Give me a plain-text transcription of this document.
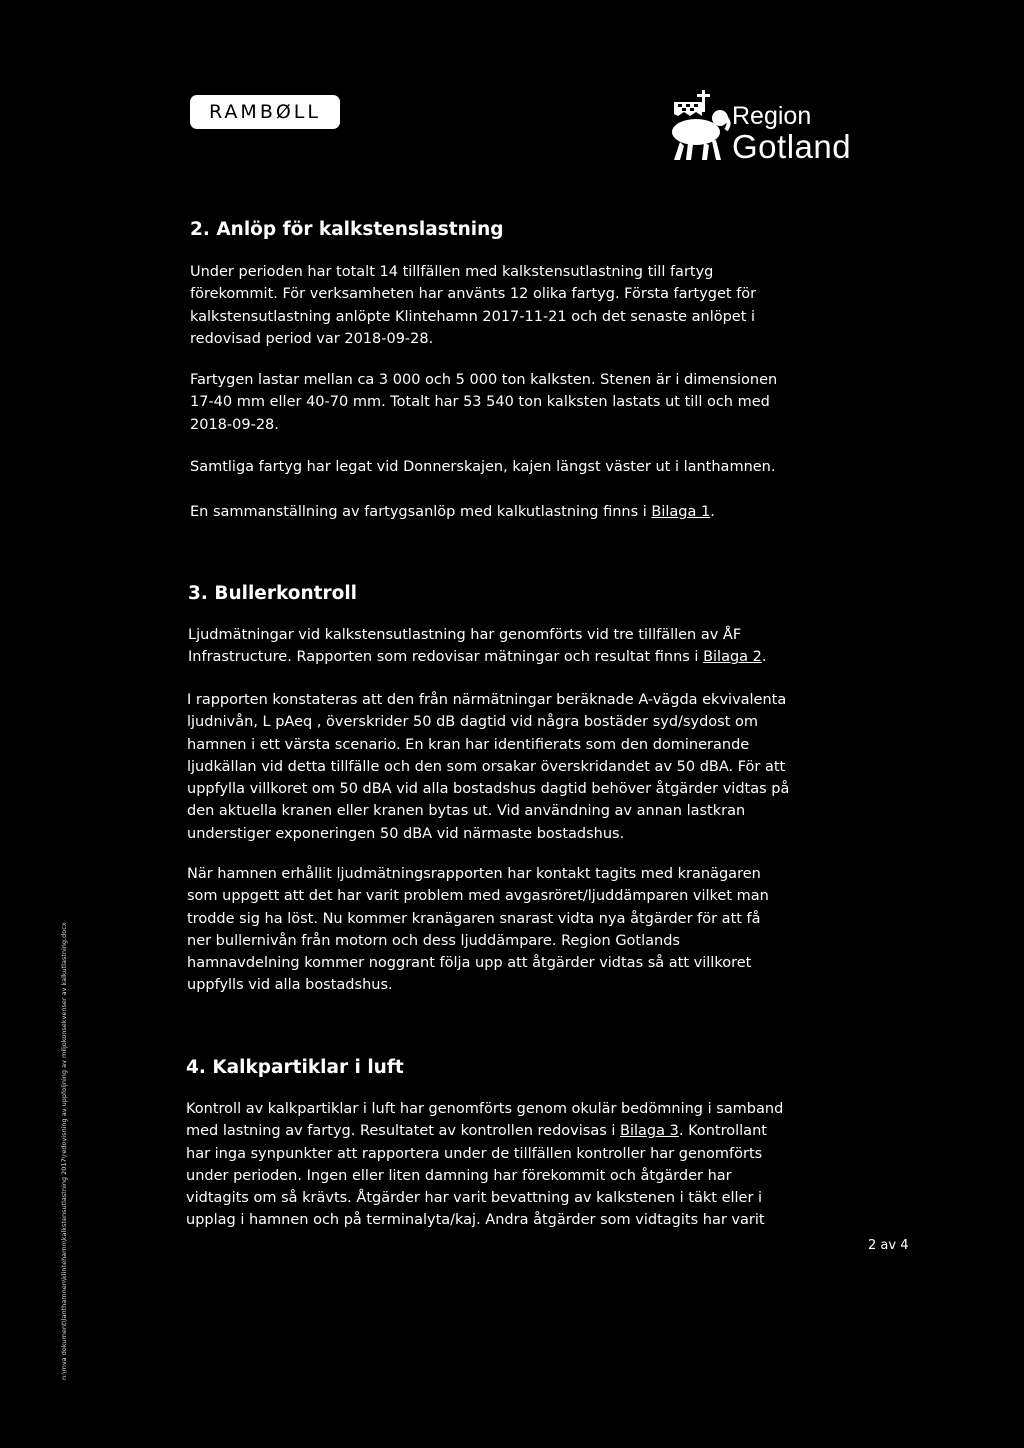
RAMBØLL	Region
Gotland
2. Anlöp för kalkstenslastning

Under perioden har totalt 14 tillfällen med kalkstensutlastning till fartyg
förekommit. För verksamheten har använts 12 olika fartyg. Första fartyget för
kalkstensutlastning anlöpte Klintehamn 2017-11-21 och det senaste anlöpet i
redovisad period var 2018-09-28.

Fartygen lastar mellan ca 3 000 och 5 000 ton kalksten. Stenen är i dimensionen
17-40 mm eller 40-70 mm. Totalt har 53 540 ton kalksten lastats ut till och med
2018-09-28.

Samtliga fartyg har legat vid Donnerskajen, kajen längst väster ut i lanthamnen.

En sammanställning av fartygsanlöp med kalkutlastning finns i Bilaga 1.

3. Bullerkontroll

Ljudmätningar vid kalkstensutlastning har genomförts vid tre tillfällen av ÅF
Infrastructure. Rapporten som redovisar mätningar och resultat finns i Bilaga 2.

I rapporten konstateras att den från närmätningar beräknade A-vägda ekvivalenta
ljudnivån, L pAeq , överskrider 50 dB dagtid vid några bostäder syd/sydost om
hamnen i ett värsta scenario. En kran har identifierats som den dominerande
ljudkällan vid detta tillfälle och den som orsakar överskridandet av 50 dBA. För att
uppfylla villkoret om 50 dBA vid alla bostadshus dagtid behöver åtgärder vidtas på
den aktuella kranen eller kranen bytas ut. Vid användning av annan lastkran
understiger exponeringen 50 dBA vid närmaste bostadshus.

När hamnen erhållit ljudmätningsrapporten har kontakt tagits med kranägaren
som uppgett att det har varit problem med avgasröret/ljuddämparen vilket man
trodde sig ha löst. Nu kommer kranägaren snarast vidta nya åtgärder för att få
ner bullernivån från motorn och dess ljuddämpare. Region Gotlands
hamnavdelning kommer noggrant följa upp att åtgärder vidtas så att villkoret
uppfylls vid alla bostadshus.

4. Kalkpartiklar i luft

Kontroll av kalkpartiklar i luft har genomförts genom okulär bedömning i samband
med lastning av fartyg. Resultatet av kontrollen redovisas i Bilaga 3. Kontrollant
har inga synpunkter att rapportera under de tillfällen kontroller har genomförts
under perioden. Ingen eller liten damning har förekommit och åtgärder har
vidtagits om så krävts. Åtgärder har varit bevattning av kalkstenen i täkt eller i
upplag i hamnen och på terminalyta/kaj. Andra åtgärder som vidtagits har varit

2 av 4
n:\mva dokument\lanthamnen\klintehamn\kalkstensutlastning 2017\redovisning av uppfoljning av miljokonsekvenser av kalkutlastning.docx
